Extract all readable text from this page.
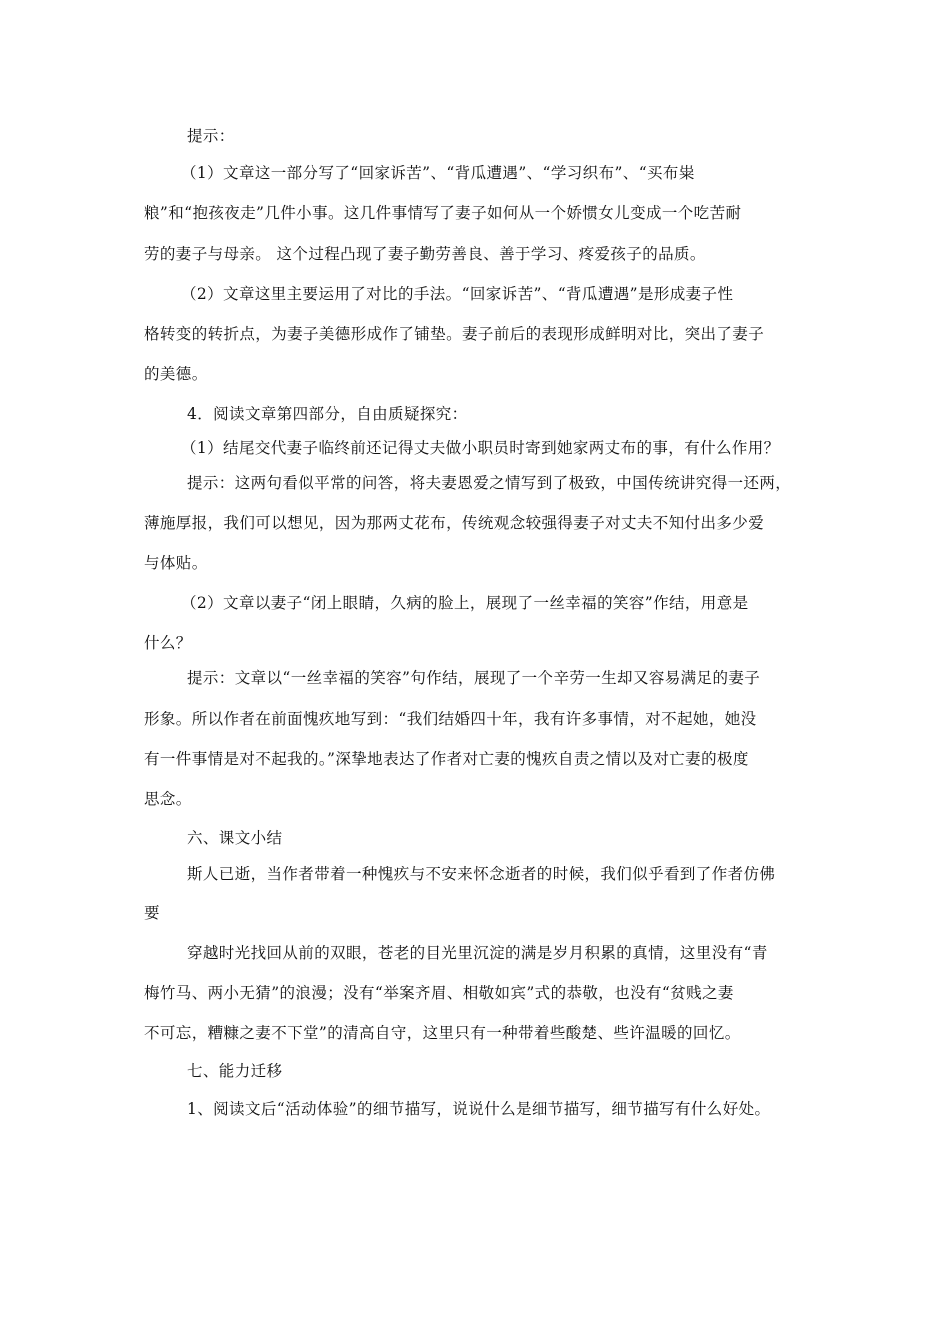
提示：
（1）文章这一部分写了“回家诉苦”、“背瓜遭遇”、“学习织布”、“买布粜
粮”和“抱孩夜走”几件小事。这几件事情写了妻子如何从一个娇惯女儿变成一个吃苦耐
劳的妻子与母亲。 这个过程凸现了妻子勤劳善良、善于学习、疼爱孩子的品质。
（2）文章这里主要运用了对比的手法。“回家诉苦”、“背瓜遭遇”是形成妻子性
格转变的转折点，为妻子美德形成作了铺垫。妻子前后的表现形成鲜明对比，突出了妻子
的美德。
4．阅读文章第四部分，自由质疑探究：
（1）结尾交代妻子临终前还记得丈夫做小职员时寄到她家两丈布的事，有什么作用？
提示：这两句看似平常的问答，将夫妻恩爱之情写到了极致，中国传统讲究得一还两，
薄施厚报，我们可以想见，因为那两丈花布，传统观念较强得妻子对丈夫不知付出多少爱
与体贴。
（2）文章以妻子“闭上眼睛，久病的脸上，展现了一丝幸福的笑容”作结，用意是
什么？
提示：文章以“一丝幸福的笑容”句作结，展现了一个辛劳一生却又容易满足的妻子
形象。所以作者在前面愧疚地写到：“我们结婚四十年，我有许多事情，对不起她，她没
有一件事情是对不起我的。”深挚地表达了作者对亡妻的愧疚自责之情以及对亡妻的极度
思念。
六、课文小结
斯人已逝，当作者带着一种愧疚与不安来怀念逝者的时候，我们似乎看到了作者仿佛
要
穿越时光找回从前的双眼，苍老的目光里沉淀的满是岁月积累的真情，这里没有“青
梅竹马、两小无猜”的浪漫；没有“举案齐眉、相敬如宾”式的恭敬，也没有“贫贱之妻
不可忘，糟糠之妻不下堂”的清高自守，这里只有一种带着些酸楚、些许温暖的回忆。
七、能力迁移
1、阅读文后“活动体验”的细节描写，说说什么是细节描写，细节描写有什么好处。
